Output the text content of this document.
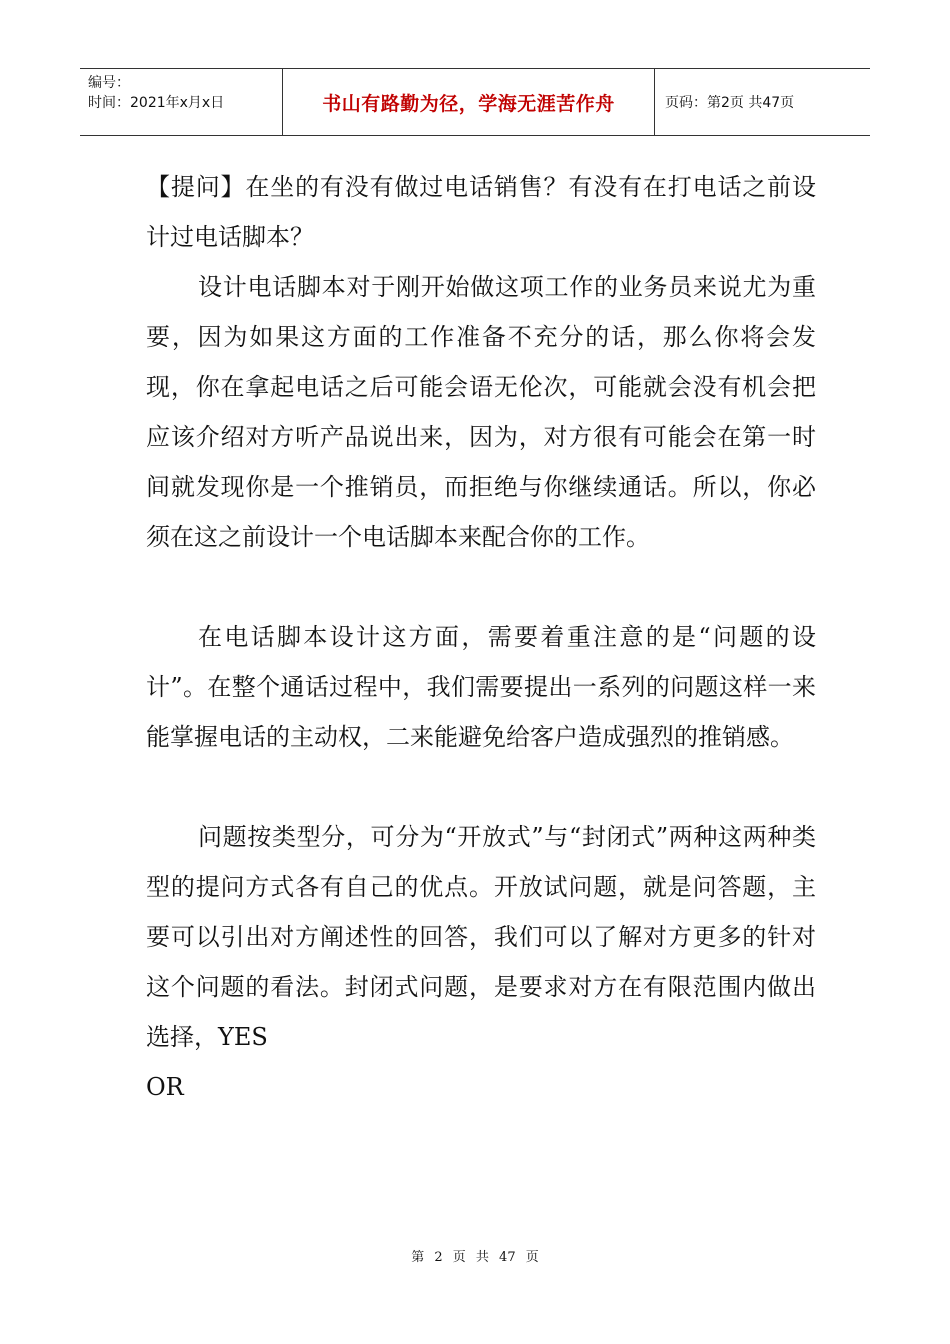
编号：
时间：2021年x月x日	书山有路勤为径，学海无涯苦作舟	页码：第2页 共47页

【提问】在坐的有没有做过电话销售？有没有在打电话之前设计过电话脚本？

设计电话脚本对于刚开始做这项工作的业务员来说尤为重要，因为如果这方面的工作准备不充分的话，那么你将会发现，你在拿起电话之后可能会语无伦次，可能就会没有机会把应该介绍对方听产品说出来，因为，对方很有可能会在第一时间就发现你是一个推销员，而拒绝与你继续通话。所以，你必须在这之前设计一个电话脚本来配合你的工作。

在电话脚本设计这方面，需要着重注意的是“问题的设计”。在整个通话过程中，我们需要提出一系列的问题这样一来能掌握电话的主动权，二来能避免给客户造成强烈的推销感。

问题按类型分，可分为“开放式”与“封闭式”两种这两种类型的提问方式各有自己的优点。开放试问题，就是问答题，主要可以引出对方阐述性的回答，我们可以了解对方更多的针对这个问题的看法。封闭式问题，是要求对方在有限范围内做出选择，YES

OR

第 2 页 共 47 页
